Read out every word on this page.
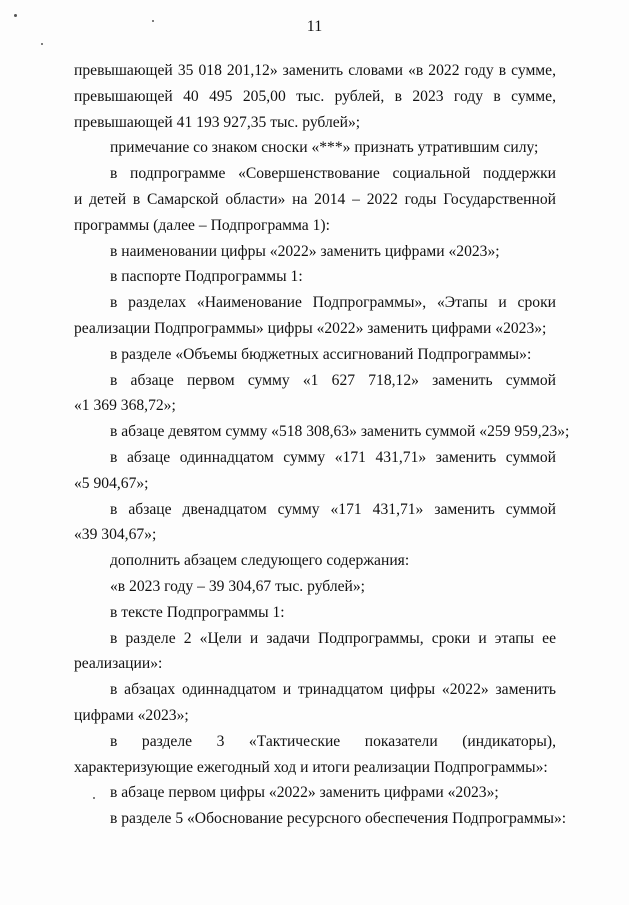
11
превышающей 35 018 201,12» заменить словами «в 2022 году в сумме,
превышающей 40 495 205,00 тыс. рублей, в 2023 году в сумме,
превышающей 41 193 927,35 тыс. рублей»;
примечание со знаком сноски «***» признать утратившим силу;
в подпрограмме «Совершенствование социальной поддержки
и детей в Самарской области» на 2014 – 2022 годы Государственной
программы (далее – Подпрограмма 1):
в наименовании цифры «2022» заменить цифрами «2023»;
в паспорте Подпрограммы 1:
в разделах «Наименование Подпрограммы», «Этапы и сроки
реализации Подпрограммы» цифры «2022» заменить цифрами «2023»;
в разделе «Объемы бюджетных ассигнований Подпрограммы»:
в абзаце первом сумму «1 627 718,12» заменить суммой
«1 369 368,72»;
в абзаце девятом сумму «518 308,63» заменить суммой «259 959,23»;
в абзаце одиннадцатом сумму «171 431,71» заменить суммой
«5 904,67»;
в абзаце двенадцатом сумму «171 431,71» заменить суммой
«39 304,67»;
дополнить абзацем следующего содержания:
«в 2023 году – 39 304,67 тыс. рублей»;
в тексте Подпрограммы 1:
в разделе 2 «Цели и задачи Подпрограммы, сроки и этапы ее
реализации»:
в абзацах одиннадцатом и тринадцатом цифры «2022» заменить
цифрами «2023»;
в разделе 3 «Тактические показатели (индикаторы),
характеризующие ежегодный ход и итоги реализации Подпрограммы»:
в абзаце первом цифры «2022» заменить цифрами «2023»;
в разделе 5 «Обоснование ресурсного обеспечения Подпрограммы»:
